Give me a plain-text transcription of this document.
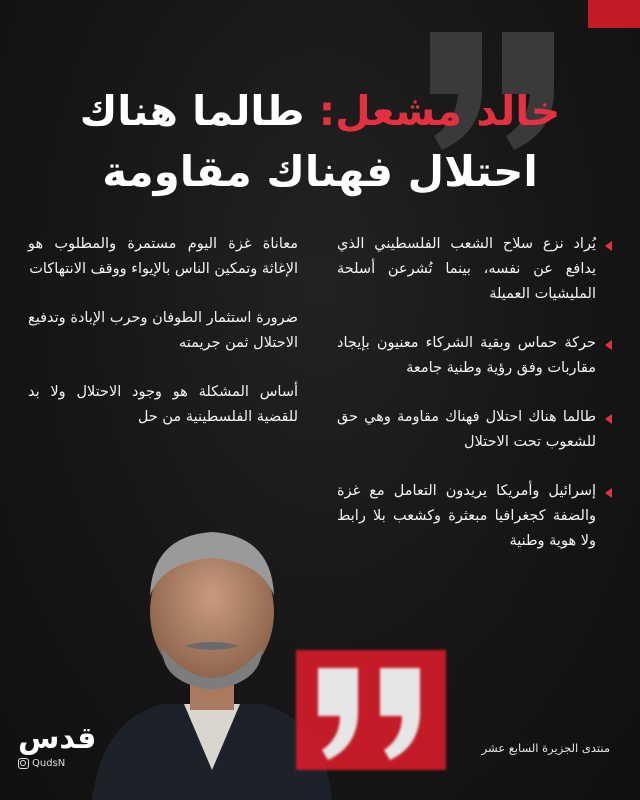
خالد مشعل: طالما هناك
احتلال فهناك مقاومة
يُراد نزع سلاح الشعب الفلسطيني الذي يدافع عن نفسه، بينما تُشرعن أسلحة المليشيات العميلة
حركة حماس وبقية الشركاء معنيون بإيجاد مقاربات وفق رؤية وطنية جامعة
طالما هناك احتلال فهناك مقاومة وهي حق للشعوب تحت الاحتلال
إسرائيل وأمريكا يريدون التعامل مع غزة والضفة كجغرافيا مبعثرة وكشعب بلا رابط ولا هوية وطنية
معاناة غزة اليوم مستمرة والمطلوب هو الإغاثة وتمكين الناس بالإيواء ووقف الانتهاكات
ضرورة استثمار الطوفان وحرب الإبادة وتدفيع الاحتلال ثمن جريمته
أساس المشكلة هو وجود الاحتلال ولا بد للقضية الفلسطينية من حل
قدس
QudsN
منتدى الجزيرة السابع عشر
